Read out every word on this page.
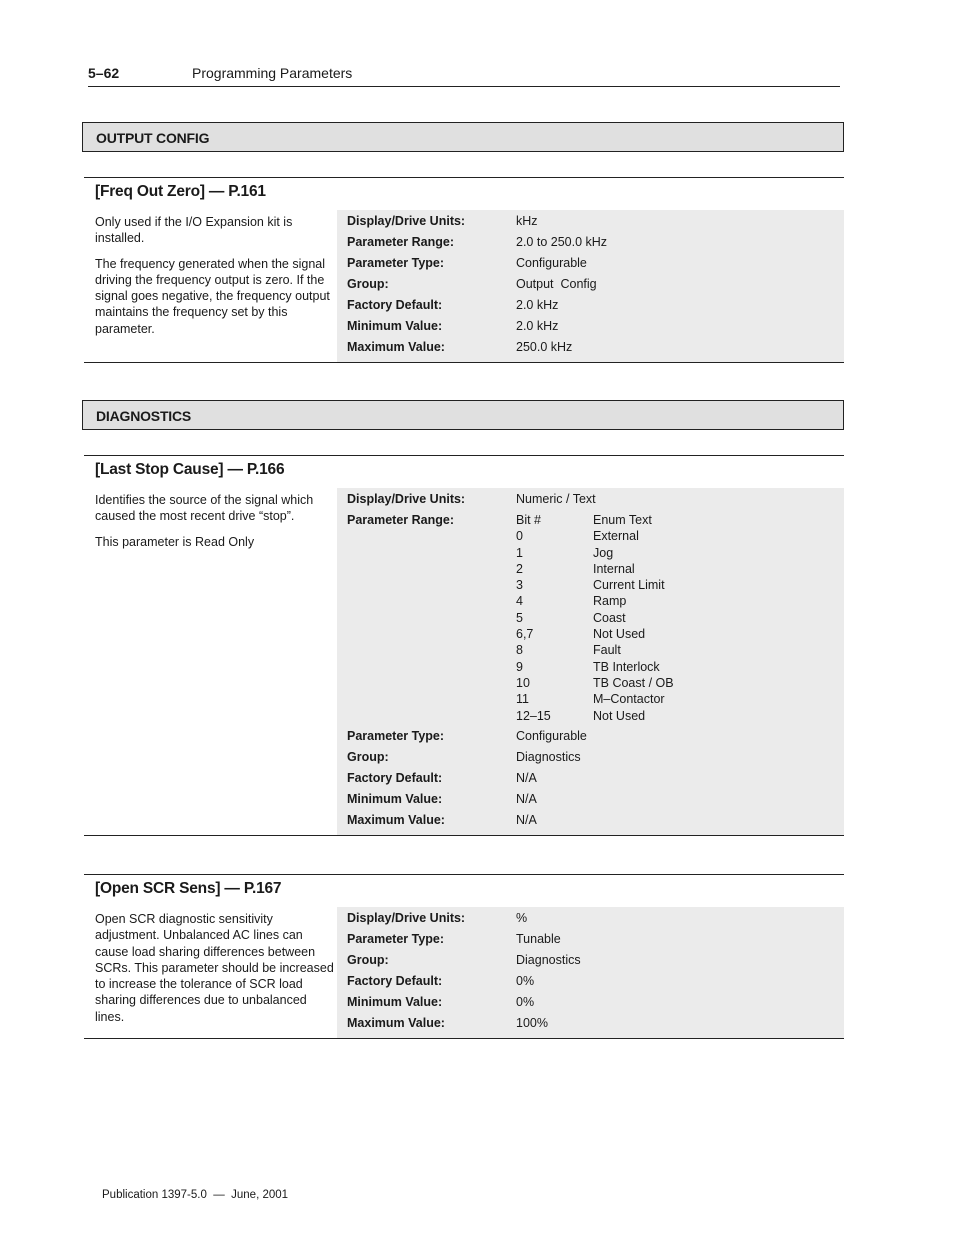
5–62	Programming Parameters
OUTPUT CONFIG
[Freq Out Zero] — P.161

Only used if the I/O Expansion kit is installed.

The frequency generated when the signal driving the frequency output is zero. If the signal goes negative, the frequency output maintains the frequency set by this parameter.

Display/Drive Units:	kHz
Parameter Range:	2.0 to 250.0 kHz
Parameter Type:	Configurable
Group:	Output  Config
Factory Default:	2.0 kHz
Minimum Value:	2.0 kHz
Maximum Value:	250.0 kHz
DIAGNOSTICS
[Last Stop Cause] — P.166

Identifies the source of the signal which caused the most recent drive “stop”.

This parameter is Read Only

Display/Drive Units:	Numeric / Text
Parameter Range:	Bit #	Enum Text
0	External
1	Jog
2	Internal
3	Current Limit
4	Ramp
5	Coast
6,7	Not Used
8	Fault
9	TB Interlock
10	TB Coast / OB
11	M–Contactor
12–15	Not Used
Parameter Type:	Configurable
Group:	Diagnostics
Factory Default:	N/A
Minimum Value:	N/A
Maximum Value:	N/A
[Open SCR Sens] — P.167

Open SCR diagnostic sensitivity adjustment. Unbalanced AC lines can cause load sharing differences between SCRs. This parameter should be increased to increase the tolerance of SCR load sharing differences due to unbalanced lines.

Display/Drive Units:	%
Parameter Type:	Tunable
Group:	Diagnostics
Factory Default:	0%
Minimum Value:	0%
Maximum Value:	100%
Publication 1397-5.0  —  June, 2001
